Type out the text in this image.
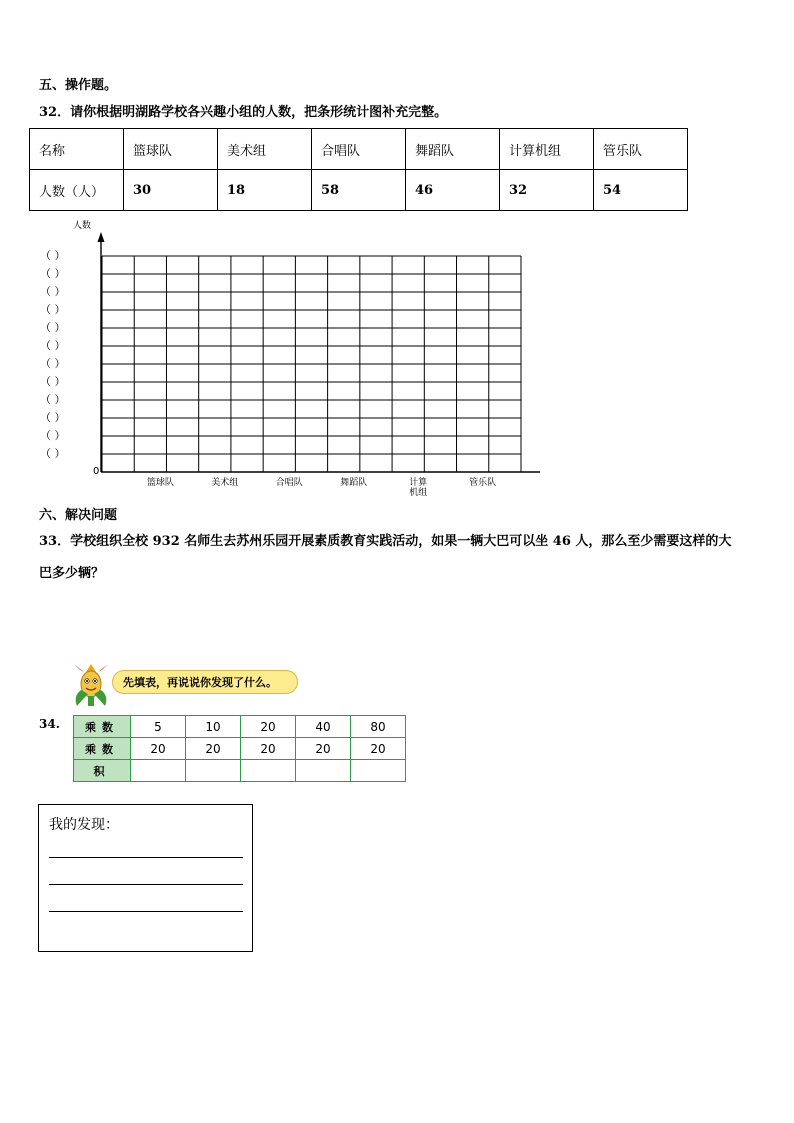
五、操作题。
32．请你根据明湖路学校各兴趣小组的人数，把条形统计图补充完整。
名称	篮球队	美术组	合唱队	舞蹈队	计算机组	管乐队
人数（人）	30	18	58	46	32	54
人数
0
（ ）
（ ）
（ ）
（ ）
（ ）
（ ）
（ ）
（ ）
（ ）
（ ）
（ ）
（ ）
篮球队	美术组	合唱队	舞蹈队	计算
机组
管乐队
六、解决问题
33．学校组织全校 932 名师生去苏州乐园开展素质教育实践活动，如果一辆大巴可以坐 46 人，那么至少需要这样的大
巴多少辆？
先填表，再说说你发现了什么。
34. 乘数	5	10	20	40	80
乘数	20	20	20	20	20
积					
我的发现：
